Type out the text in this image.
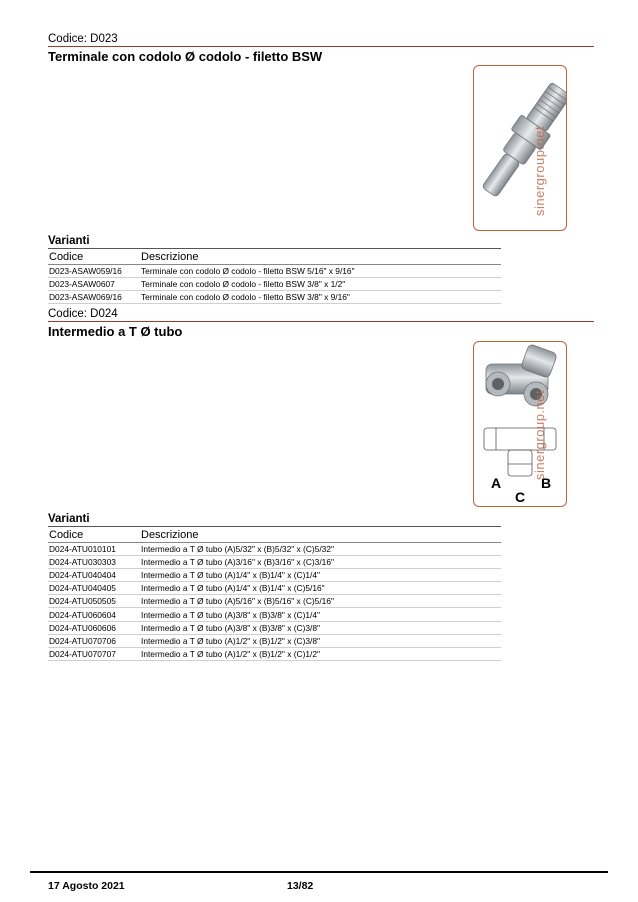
Codice: D023
Terminale con codolo Ø codolo - filetto BSW
sinergroup.net
Varianti
Codice	Descrizione
D023-ASAW059/16	Terminale con codolo Ø codolo - filetto BSW 5/16" x 9/16"
D023-ASAW0607	Terminale con codolo Ø codolo - filetto BSW 3/8" x 1/2"
D023-ASAW069/16	Terminale con codolo Ø codolo - filetto BSW 3/8" x 9/16"
Codice: D024
Intermedio a T Ø tubo
A	B
C
sinergroup.net
Varianti
Codice	Descrizione
D024-ATU010101	Intermedio a T Ø tubo (A)5/32" x (B)5/32" x (C)5/32"
D024-ATU030303	Intermedio a T Ø tubo (A)3/16" x (B)3/16" x (C)3/16"
D024-ATU040404	Intermedio a T Ø tubo (A)1/4" x (B)1/4" x (C)1/4"
D024-ATU040405	Intermedio a T Ø tubo (A)1/4" x (B)1/4" x (C)5/16"
D024-ATU050505	Intermedio a T Ø tubo (A)5/16" x (B)5/16" x (C)5/16"
D024-ATU060604	Intermedio a T Ø tubo (A)3/8" x (B)3/8" x (C)1/4"
D024-ATU060606	Intermedio a T Ø tubo (A)3/8" x (B)3/8" x (C)3/8"
D024-ATU070706	Intermedio a T Ø tubo (A)1/2" x (B)1/2" x (C)3/8"
D024-ATU070707	Intermedio a T Ø tubo (A)1/2" x (B)1/2" x (C)1/2"
17 Agosto 2021	13/82
